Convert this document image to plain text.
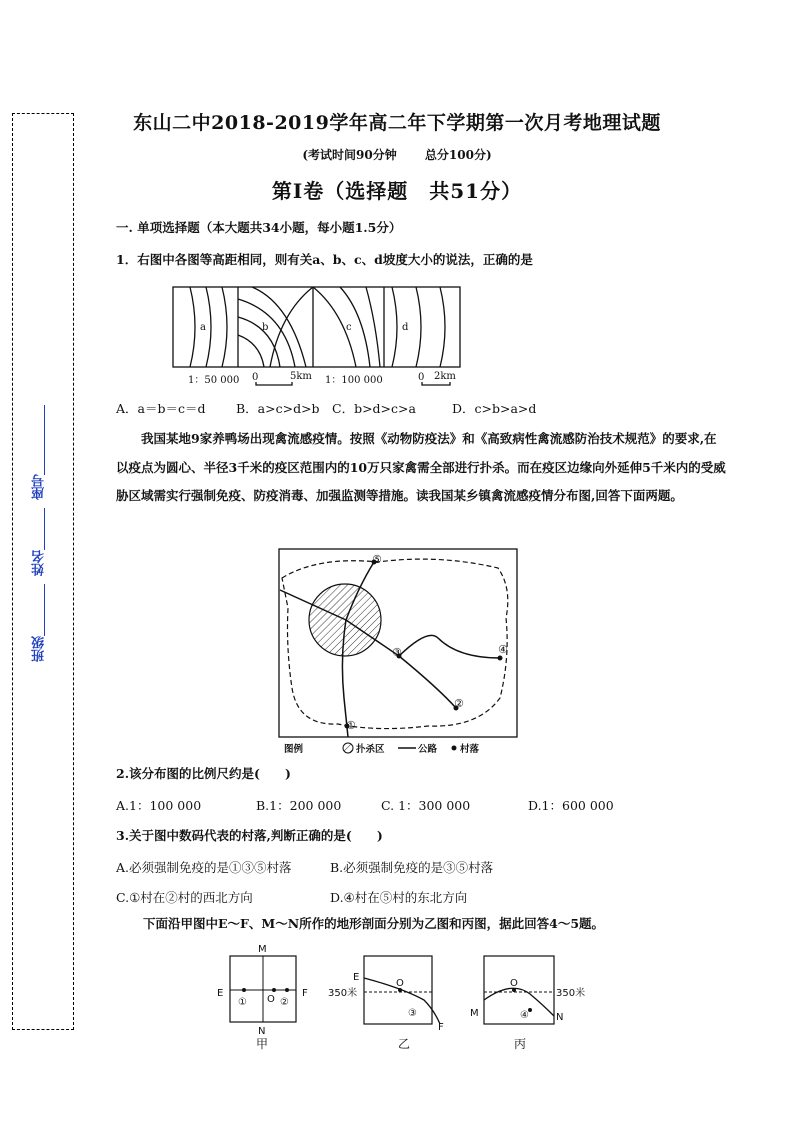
座号
姓名
班级
东山二中2018-2019学年高二年下学期第一次月考地理试题
(考试时间90分钟 总分100分)
第Ⅰ卷（选择题　共51分）
一. 单项选择题（本大题共34小题，每小题1.5分）
1．右图中各图等高距相同，则有关a、b、c、d坡度大小的说法，正确的是
a	b	c	d
1：50 000 0	5km 1：100 000	0 2km
A．a＝b＝c＝d B．a>c>d>b C．b>d>c>a	D．c>b>a>d
我国某地9家养鸭场出现禽流感疫情。按照《动物防疫法》和《高致病性禽流感防治技术规范》的要求,在以疫点为圆心、半径3千米的疫区范围内的10万只家禽需全部进行扑杀。而在疫区边缘向外延伸5千米内的受威胁区域需实行强制免疫、防疫消毒、加强监测等措施。读我国某乡镇禽流感疫情分布图,回答下面两题。
⑤
③	④
②
①
图例	扑杀区	公路 村落
2.该分布图的比例尺约是(　　)
A.1：100 000	B.1：200 000	C. 1：300 000	D.1：600 000
3.关于图中数码代表的村落,判断正确的是(　　)
A.必须强制免疫的是①③⑤村落	B.必须强制免疫的是③⑤村落
C.①村在②村的西北方向	D.④村在⑤村的东北方向
下面沿甲图中E～F、M～N所作的地形剖面分别为乙图和丙图，据此回答4～5题。
M
N
E	F
O
①	②
甲
E
350米
O
③
F
乙
O
350米
M	N
④
丙
